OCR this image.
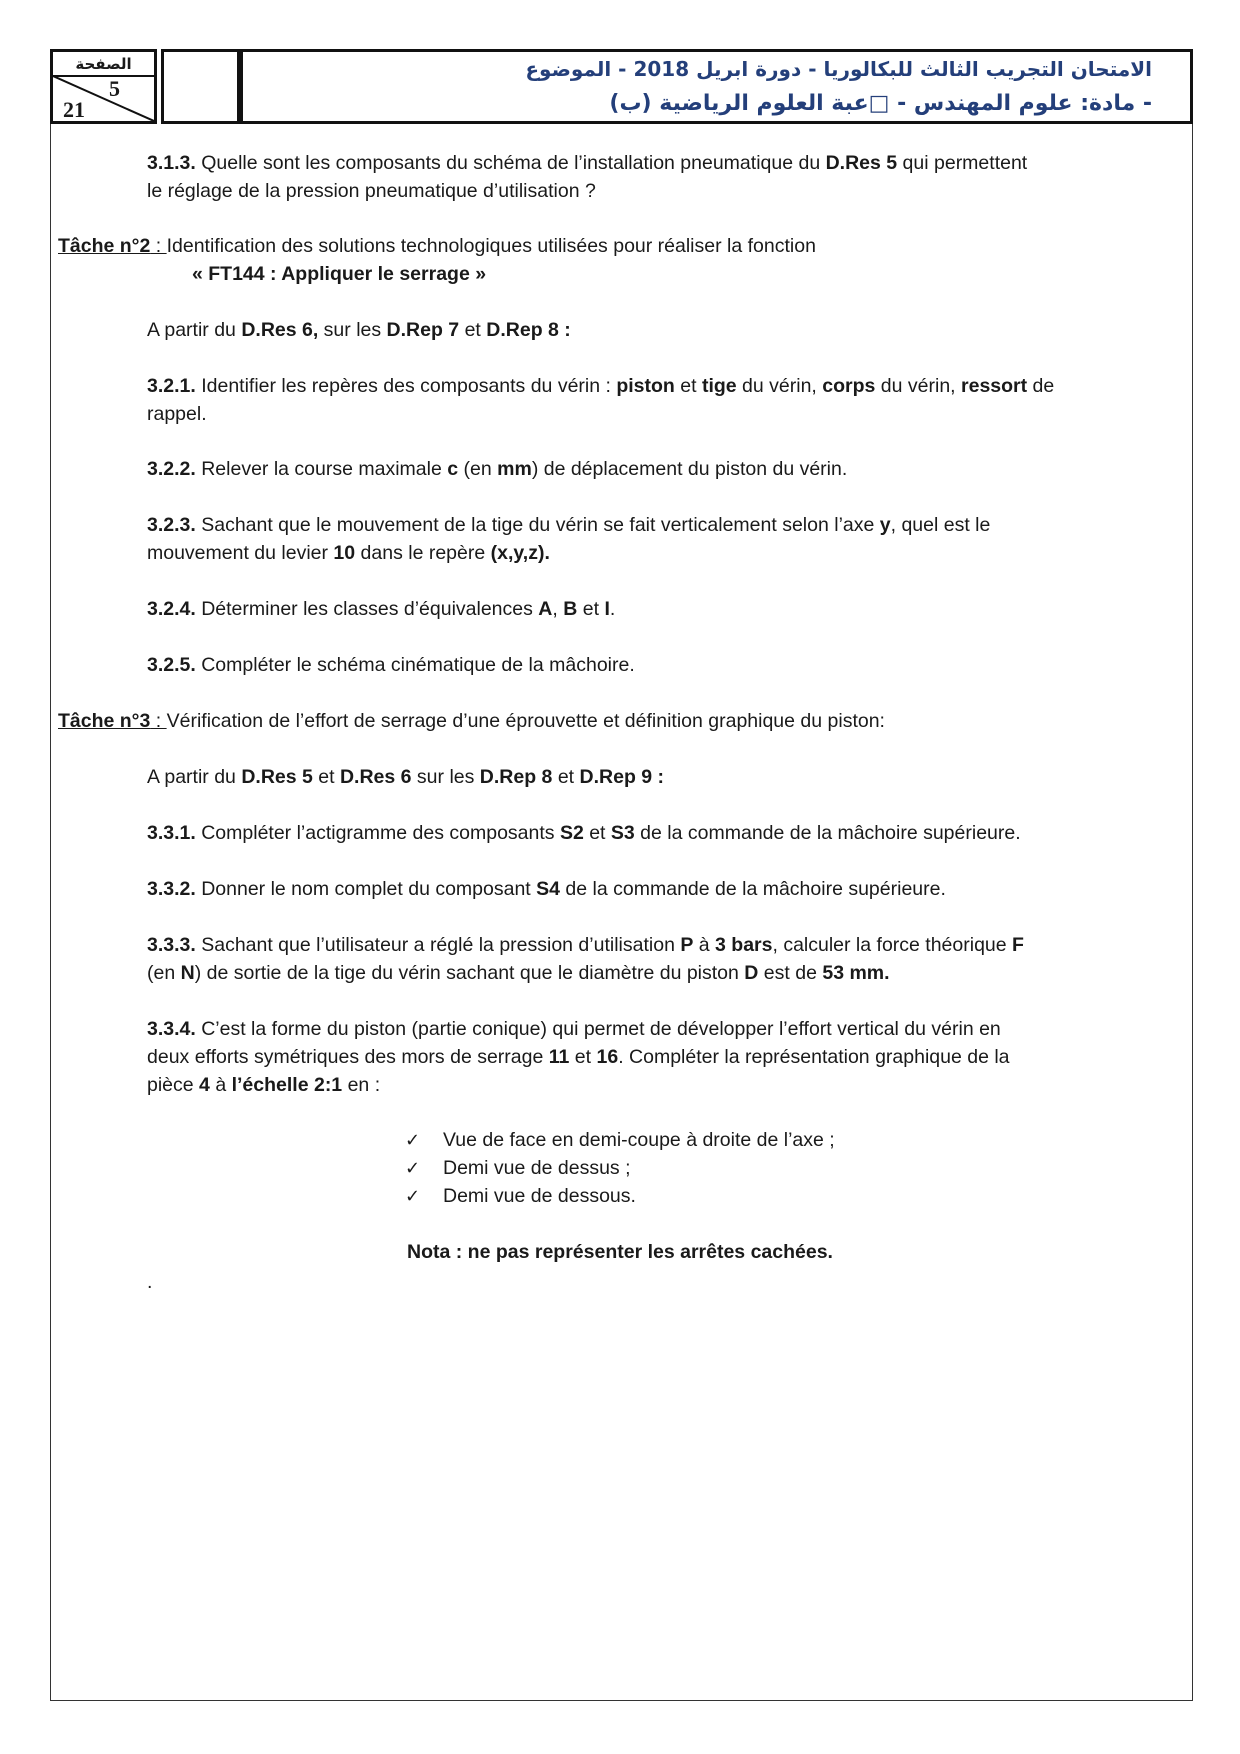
الصفحة
5
21
الامتحان التجريب الثالث للبكالوريا - دورة ابريل 2018 - الموضوع
- مادة: علوم المهندس - □عبة العلوم الرياضية (ب)
3.1.3. Quelle sont les composants du schéma de l’installation pneumatique du D.Res 5 qui permettent
le réglage de la pression pneumatique d’utilisation ?
Tâche n°2 : Identification des solutions technologiques utilisées pour réaliser la fonction
« FT144 : Appliquer le serrage »
A partir du D.Res 6, sur les D.Rep 7 et D.Rep 8 :
3.2.1. Identifier les repères des composants du vérin : piston et tige du vérin, corps du vérin, ressort de
rappel.
3.2.2. Relever la course maximale c (en mm) de déplacement du piston du vérin.
3.2.3. Sachant que le mouvement de la tige du vérin se fait verticalement selon l’axe y, quel est le
mouvement du levier 10 dans le repère (x,y,z).
3.2.4. Déterminer les classes d’équivalences A, B et I.
3.2.5. Compléter le schéma cinématique de la mâchoire.
Tâche n°3 : Vérification de l’effort de serrage d’une éprouvette et définition graphique du piston:
A partir du D.Res 5 et D.Res 6 sur les D.Rep 8 et D.Rep 9 :
3.3.1. Compléter l’actigramme des composants S2 et S3 de la commande de la mâchoire supérieure.
3.3.2. Donner le nom complet du composant S4 de la commande de la mâchoire supérieure.
3.3.3. Sachant que l’utilisateur a réglé la pression d’utilisation P à 3 bars, calculer la force théorique F
(en N) de sortie de la tige du vérin sachant que le diamètre du piston D est de 53 mm.
3.3.4. C’est la forme du piston (partie conique) qui permet de développer l’effort vertical du vérin en
deux efforts symétriques des mors de serrage 11 et 16. Compléter la représentation graphique de la
pièce 4 à l’échelle 2:1 en :
✓ Vue de face en demi-coupe à droite de l’axe ;
✓ Demi vue de dessus ;
✓ Demi vue de dessous.
Nota : ne pas représenter les arrêtes cachées.
.
